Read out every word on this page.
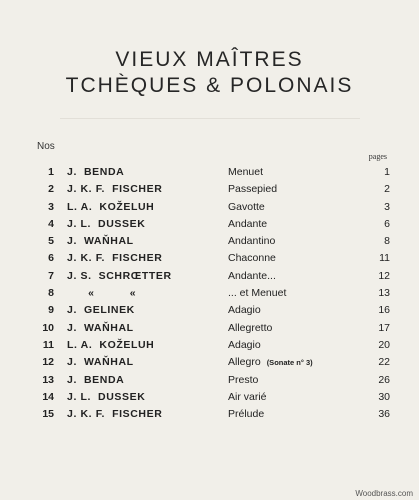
VIEUX MAÎTRES
TCHÈQUES & POLONAIS
Nos
pages
1 J.  BENDA	Menuet	1
2 J. K. F.  FISCHER	Passepied	2
3 L. A.  KOŽELUH	Gavotte	3
4 J. L.  DUSSEK	Andante	6
5 J.  WAŇHAL	Andantino	8
6 J. K. F.  FISCHER	Chaconne	11
7 J. S.  SCHRŒTTER	Andante...	12
8 «          «	... et Menuet	13
9 J.  GELINEK	Adagio	16
10 J.  WAŇHAL	Allegretto	17
11 L. A.  KOŽELUH	Adagio	20
12 J.  WAŇHAL	Allegro (Sonate n° 3)	22
13 J.  BENDA	Presto	26
14 J. L.  DUSSEK	Air varié	30
15 J. K. F.  FISCHER	Prélude	36
Woodbrass.com
